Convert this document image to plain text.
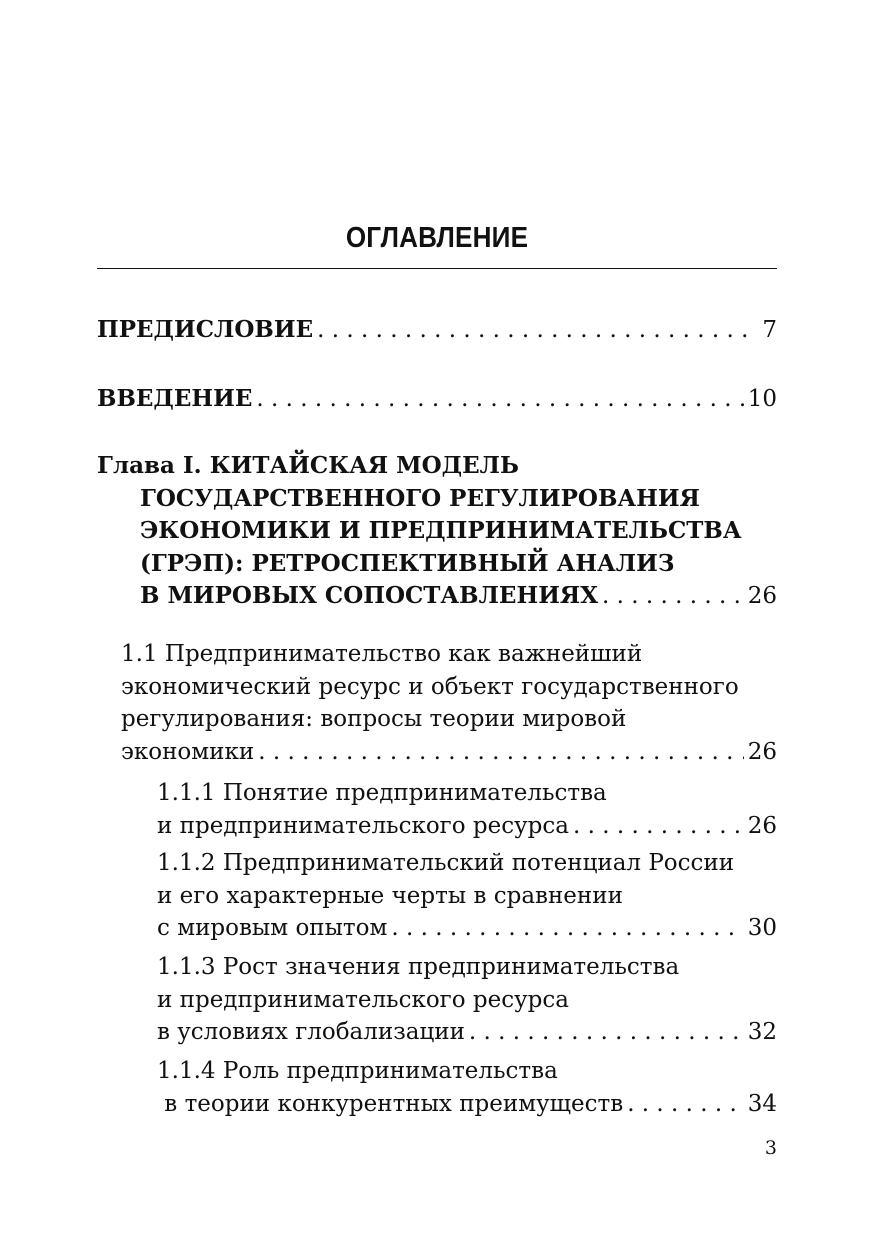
ОГЛАВЛЕНИЕ
ПРЕДИСЛОВИЕ . . .	7
ВВЕДЕНИЕ . . .	10
Глава I. КИТАЙСКАЯ МОДЕЛЬ
ГОСУДАРСТВЕННОГО РЕГУЛИРОВАНИЯ
ЭКОНОМИКИ И ПРЕДПРИНИМАТЕЛЬСТВА
(ГРЭП): РЕТРОСПЕКТИВНЫЙ АНАЛИЗ
В МИРОВЫХ СОПОСТАВЛЕНИЯХ . . .	26
1.1 Предпринимательство как важнейший
экономический ресурс и объект государственного
регулирования: вопросы теории мировой
экономики . . .	26
1.1.1 Понятие предпринимательства
и предпринимательского ресурса . . .	26
1.1.2 Предпринимательский потенциал России
и его характерные черты в сравнении
с мировым опытом . . .	30
1.1.3 Рост значения предпринимательства
и предпринимательского ресурса
в условиях глобализации . . .	32
1.1.4 Роль предпринимательства
в теории конкурентных преимуществ . . .	34
3
